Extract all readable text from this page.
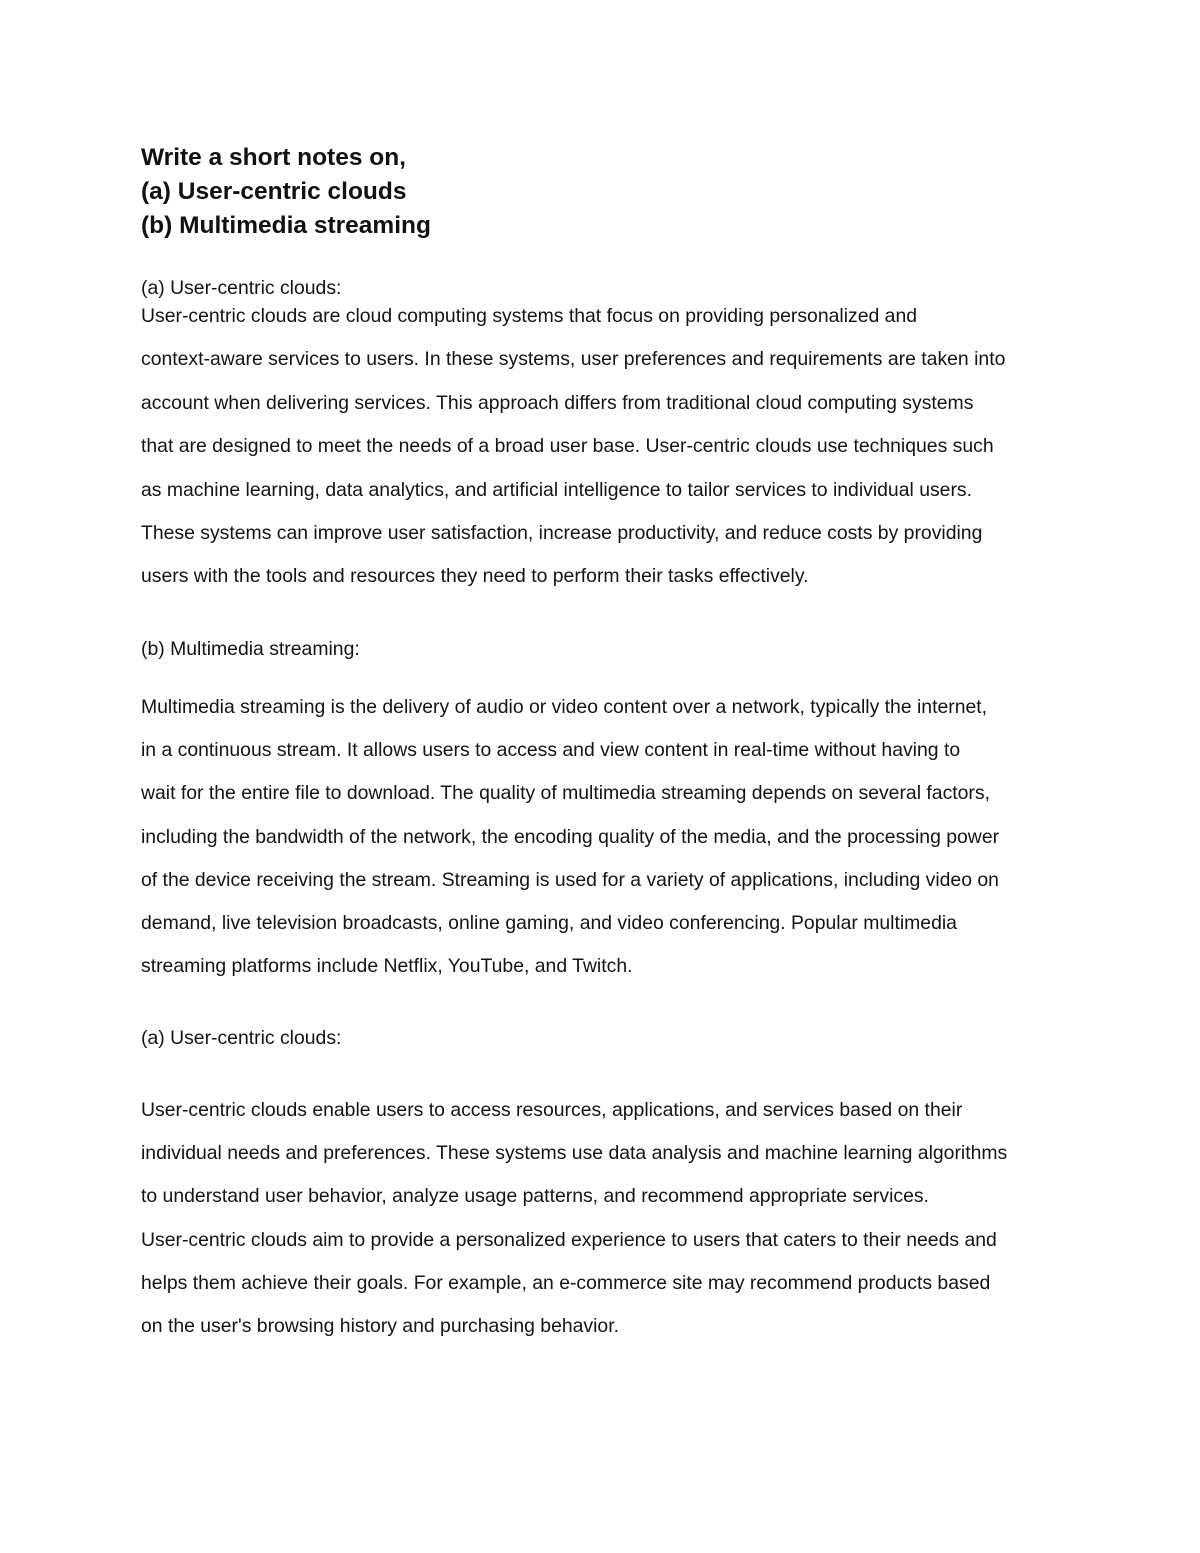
Write a short notes on,
(a) User-centric clouds
(b) Multimedia streaming

(a) User-centric clouds:

User-centric clouds are cloud computing systems that focus on providing personalized and

context-aware services to users. In these systems, user preferences and requirements are taken into

account when delivering services. This approach differs from traditional cloud computing systems

that are designed to meet the needs of a broad user base. User-centric clouds use techniques such

as machine learning, data analytics, and artificial intelligence to tailor services to individual users.

These systems can improve user satisfaction, increase productivity, and reduce costs by providing

users with the tools and resources they need to perform their tasks effectively.

(b) Multimedia streaming:

Multimedia streaming is the delivery of audio or video content over a network, typically the internet,

in a continuous stream. It allows users to access and view content in real-time without having to

wait for the entire file to download. The quality of multimedia streaming depends on several factors,

including the bandwidth of the network, the encoding quality of the media, and the processing power

of the device receiving the stream. Streaming is used for a variety of applications, including video on

demand, live television broadcasts, online gaming, and video conferencing. Popular multimedia

streaming platforms include Netflix, YouTube, and Twitch.

(a) User-centric clouds:

User-centric clouds enable users to access resources, applications, and services based on their

individual needs and preferences. These systems use data analysis and machine learning algorithms

to understand user behavior, analyze usage patterns, and recommend appropriate services.

User-centric clouds aim to provide a personalized experience to users that caters to their needs and

helps them achieve their goals. For example, an e-commerce site may recommend products based

on the user's browsing history and purchasing behavior.
